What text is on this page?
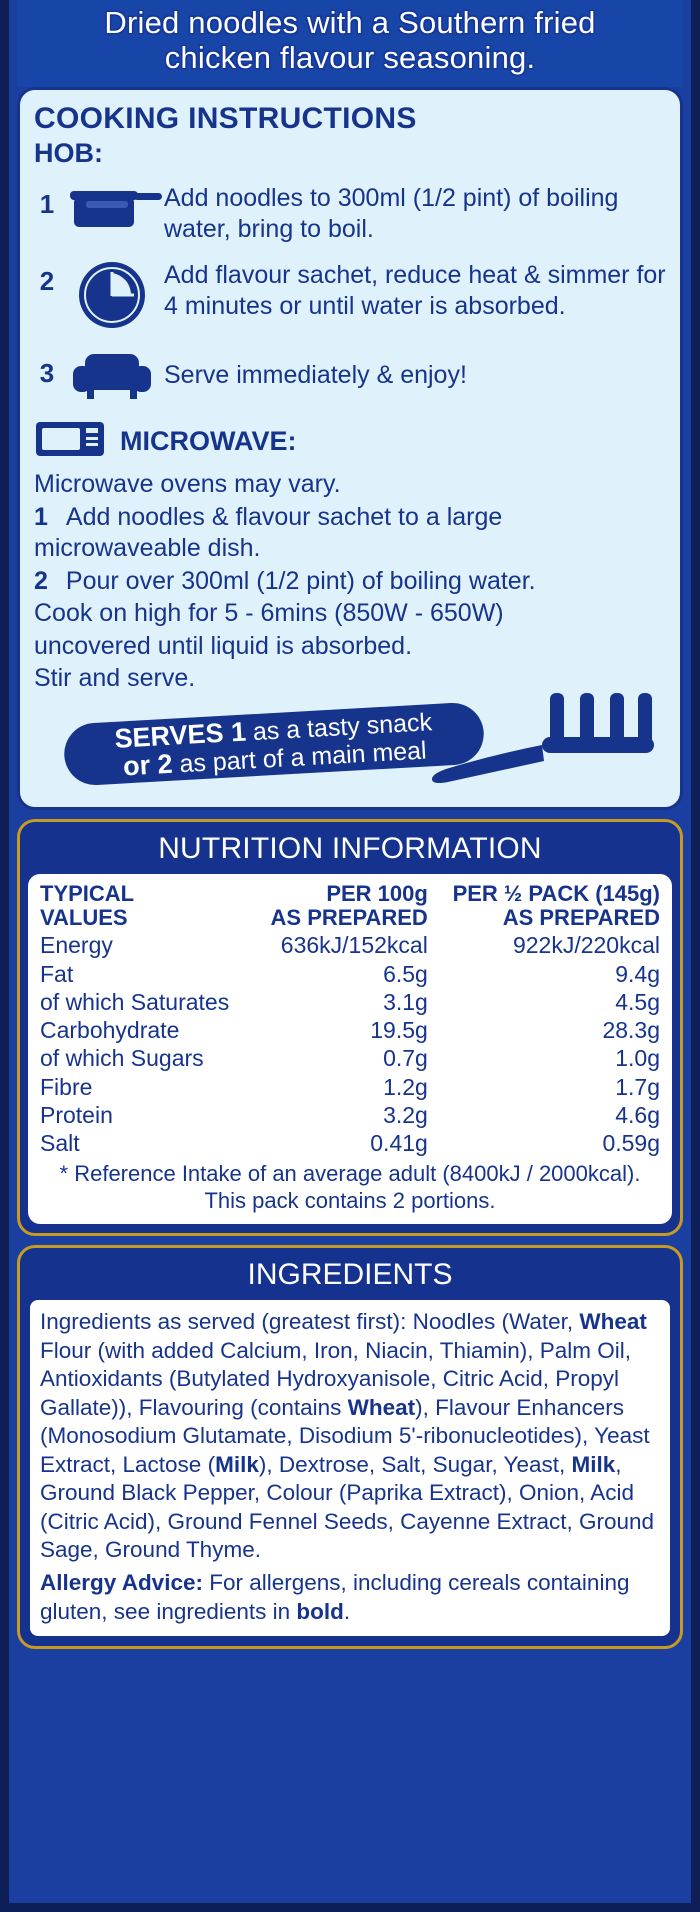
Dried noodles with a Southern fried
chicken flavour seasoning.
COOKING INSTRUCTIONS
HOB:
1	Add noodles to 300ml (1/2 pint) of boiling water, bring to boil.
2	Add flavour sachet, reduce heat & simmer for 4 minutes or until water is absorbed.
3	Serve immediately & enjoy!
MICROWAVE:

Microwave ovens may vary.

1 Add noodles & flavour sachet to a large microwaveable dish.

2 Pour over 300ml (1/2 pint) of boiling water.

Cook on high for 5 - 6mins (850W - 650W)

uncovered until liquid is absorbed.

Stir and serve.

SERVES 1 as a tasty snack
or 2 as part of a main meal
NUTRITION INFORMATION
TYPICAL
VALUES

PER 100g
AS PREPARED

PER ½ PACK (145g)
AS PREPARED

Energy	636kJ/152kcal	922kJ/220kcal
Fat	6.5g	9.4g
of which Saturates	3.1g	4.5g
Carbohydrate	19.5g	28.3g
of which Sugars	0.7g	1.0g
Fibre	1.2g	1.7g
Protein	3.2g	4.6g
Salt	0.41g	0.59g
* Reference Intake of an average adult (8400kJ / 2000kcal).
This pack contains 2 portions.
INGREDIENTS
Ingredients as served (greatest first): Noodles (Water, Wheat Flour (with added Calcium, Iron, Niacin, Thiamin), Palm Oil, Antioxidants (Butylated Hydroxyanisole, Citric Acid, Propyl Gallate)), Flavouring (contains Wheat), Flavour Enhancers (Monosodium Glutamate, Disodium 5'-ribonucleotides), Yeast Extract, Lactose (Milk), Dextrose, Salt, Sugar, Yeast, Milk, Ground Black Pepper, Colour (Paprika Extract), Onion, Acid (Citric Acid), Ground Fennel Seeds, Cayenne Extract, Ground Sage, Ground Thyme.
Allergy Advice: For allergens, including cereals containing gluten, see ingredients in bold.
